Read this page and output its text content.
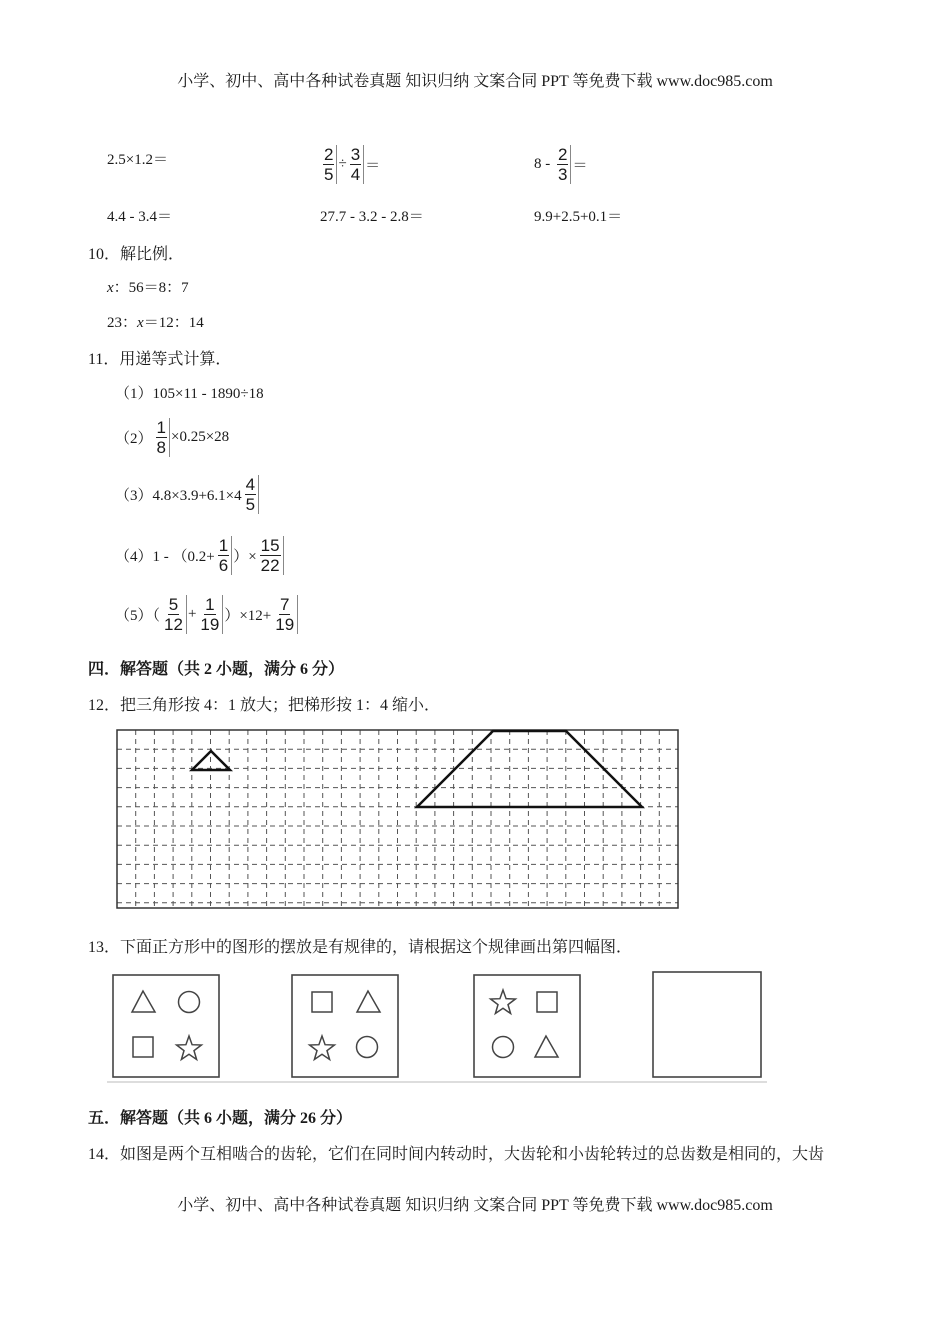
小学、初中、高中各种试卷真题 知识归纳 文案合同 PPT 等免费下载 www.doc985.com
2.5×1.2＝	$\frac{2}{5} \div \frac{3}{4}$ ＝	$8 - \frac{2}{3}$ ＝
4.4 - 3.4＝	27.7 - 3.2 - 2.8＝	9.9+2.5+0.1＝
10．解比例．
x：56＝8：7
23：x＝12：14
11．用递等式计算．
（1）105×11 - 1890÷18
$(2) \frac{1}{8} \times 0.25\times 28$
$(3)4.8\times 3.9+6.1\times 4 \frac{4}{5}$
$(4)1 - (0.2+ \frac{1}{6}$ ）× $\frac{15}{22}$
$(5)( \frac{5}{12} + \frac{1}{19} )\times 12+ \frac{7}{19}$
四．解答题（共 2 小题，满分 6 分）
12．把三角形按 4：1 放大；把梯形按 1：4 缩小．
13．下面正方形中的图形的摆放是有规律的，请根据这个规律画出第四幅图．
五．解答题（共 6 小题，满分 26 分）
14．如图是两个互相啮合的齿轮，它们在同时间内转动时，大齿轮和小齿轮转过的总齿数是相同的，大齿
小学、初中、高中各种试卷真题 知识归纳 文案合同 PPT 等免费下载 www.doc985.com
